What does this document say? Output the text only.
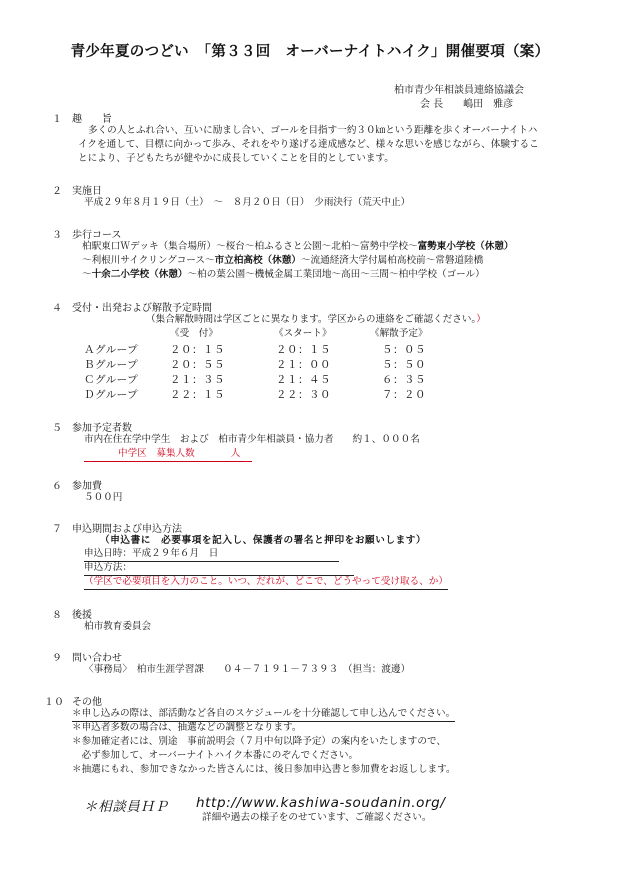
青少年夏のつどい　「第３３回　オーバーナイトハイク」開催要項（案）
柏市青少年相談員連絡協議会
会 長　　嶋田　雅彦
１ 趣　　旨
多くの人とふれ合い、互いに励まし合い、ゴールを目指す一約３０㎞という距離を歩くオーバーナイトハ
イクを通して、目標に向かって歩み、それをやり遂げる達成感など、様々な思いを感じながら、体験するこ
とにより、子どもたちが健やかに成長していくことを目的としています。
２ 実施日
平成２９年８月１９日（土）　～　８月２０日（日）　少雨決行（荒天中止）
３ 歩行コース
柏駅東口Ｗデッキ（集合場所）～桜台～柏ふるさと公園～北柏～富勢中学校～富勢東小学校（休憩）
～利根川サイクリングコース～市立柏高校（休憩）～流通経済大学付属柏高校前～常磐道陸橋
～十余二小学校（休憩）～柏の葉公園～機械金属工業団地～高田～三間～柏中学校（ゴール）
４ 受付・出発および解散予定時間
（集合解散時間は学区ごとに異なります。学区からの連絡をご確認ください。）
《受　付》	《スタート》	《解散予定》
Ａグループ	２０：１５	２０：１５	５：０５
Ｂグループ	２０：５５	２１：００	５：５０
Ｃグループ	２１：３５	２１：４５	６：３５
Ｄグループ	２２：１５	２２：３０	７：２０
５ 参加予定者数
市内在住在学中学生　および　柏市青少年相談員・協力者　　約１、０００名
中学区　募集人数	人
６ 参加費
５００円
７ 申込期間および申込方法
（申込書に　必要事項を記入し、保護者の署名と押印をお願いします）
申込日時：平成２９年６月　日
申込方法：
（学区で必要項目を入力のこと。いつ、だれが、どこで、どうやって受け取る、か）
８ 後援
柏市教育委員会
９ 問い合わせ
〈事務局〉　柏市生涯学習課　　０４－７１９１－７３９３　（担当：渡邊）
１０ その他
＊申し込みの際は、部活動など各自のスケジュールを十分確認して申し込んでください。
＊申込者多数の場合は、抽選などの調整となります。
＊参加確定者には、別途　事前説明会（７月中旬以降予定）の案内をいたしますので、
　必ず参加して、オーバーナイトハイク本番にのぞんでください。
＊抽選にもれ、参加できなかった皆さんには、後日参加申込書と参加費をお返しします。
＊相談員ＨＰ http://www.kashiwa-soudanin.org/
詳細や過去の様子をのせています、ご確認ください。
